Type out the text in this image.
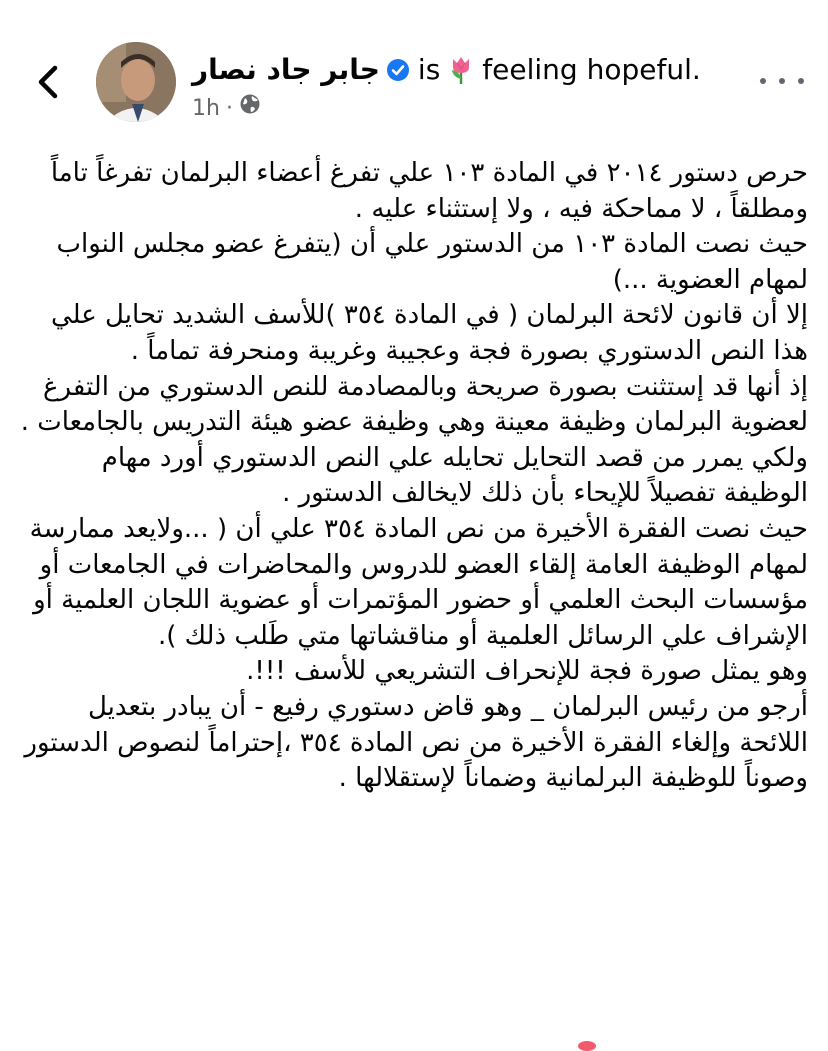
جابر جاد نصار is feeling hopeful.
1h ·

حرص دستور ٢٠١٤ في المادة ١٠٣ علي تفرغ أعضاء البرلمان تفرغاً تاماً ومطلقاً ، لا مماحكة فيه ، ولا إستثناء عليه .

حيث نصت المادة ١٠٣ من الدستور علي أن (يتفرغ عضو مجلس النواب لمهام العضوية ...)

إلا أن قانون لائحة البرلمان ( في المادة ٣٥٤ )للأسف الشديد تحايل علي هذا النص الدستوري بصورة فجة وعجيبة وغريبة ومنحرفة تماماً .

إذ أنها قد إستثنت بصورة صريحة وبالمصادمة للنص الدستوري من التفرغ لعضوية البرلمان وظيفة معينة وهي وظيفة عضو هيئة التدريس بالجامعات .

ولكي يمرر من قصد التحايل تحايله علي النص الدستوري أورد مهام الوظيفة تفصيلاً للإيحاء بأن ذلك لايخالف الدستور .

حيث نصت الفقرة الأخيرة من نص المادة ٣٥٤ علي أن ( ...ولايعد ممارسة لمهام الوظيفة العامة إلقاء العضو للدروس والمحاضرات في الجامعات أو مؤسسات البحث العلمي أو حضور المؤتمرات أو عضوية اللجان العلمية أو الإشراف علي الرسائل العلمية أو مناقشاتها متي طَلب ذلك ).

وهو يمثل صورة فجة للإنحراف التشريعي للأسف !!!.

أرجو من رئيس البرلمان _ وهو قاض دستوري رفيع - أن يبادر بتعديل اللائحة وإلغاء الفقرة الأخيرة من نص المادة ٣٥٤ ،إحتراماً لنصوص الدستور وصوناً للوظيفة البرلمانية وضماناً لإستقلالها .
